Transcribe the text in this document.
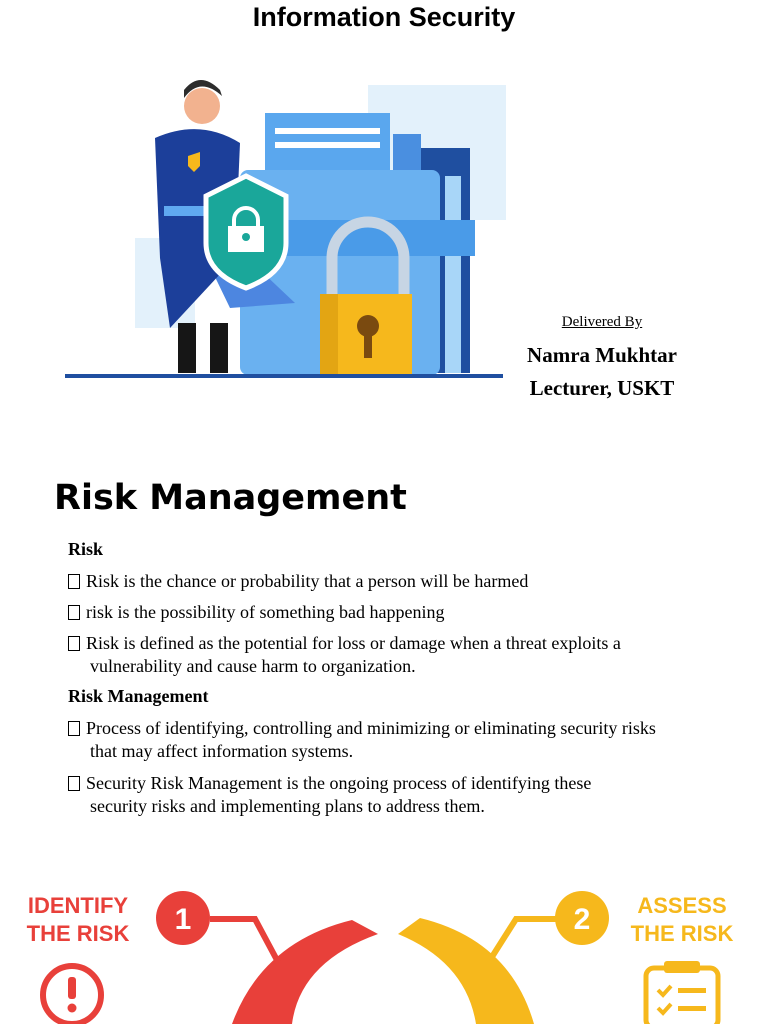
Information Security
Delivered By
Namra Mukhtar
Lecturer, USKT
Risk Management
Risk
Risk is the chance or probability that a person will be harmed
risk is the possibility of something bad happening
Risk is defined as the potential for loss or damage when a threat exploits a
vulnerability and cause harm to organization.
Risk Management
Process of identifying, controlling and minimizing or eliminating security risks
that may affect information systems.
Security Risk Management is the ongoing process of identifying these
security risks and implementing plans to address them.
1	2
IDENTIFY
THE RISK
ASSESS
THE RISK
